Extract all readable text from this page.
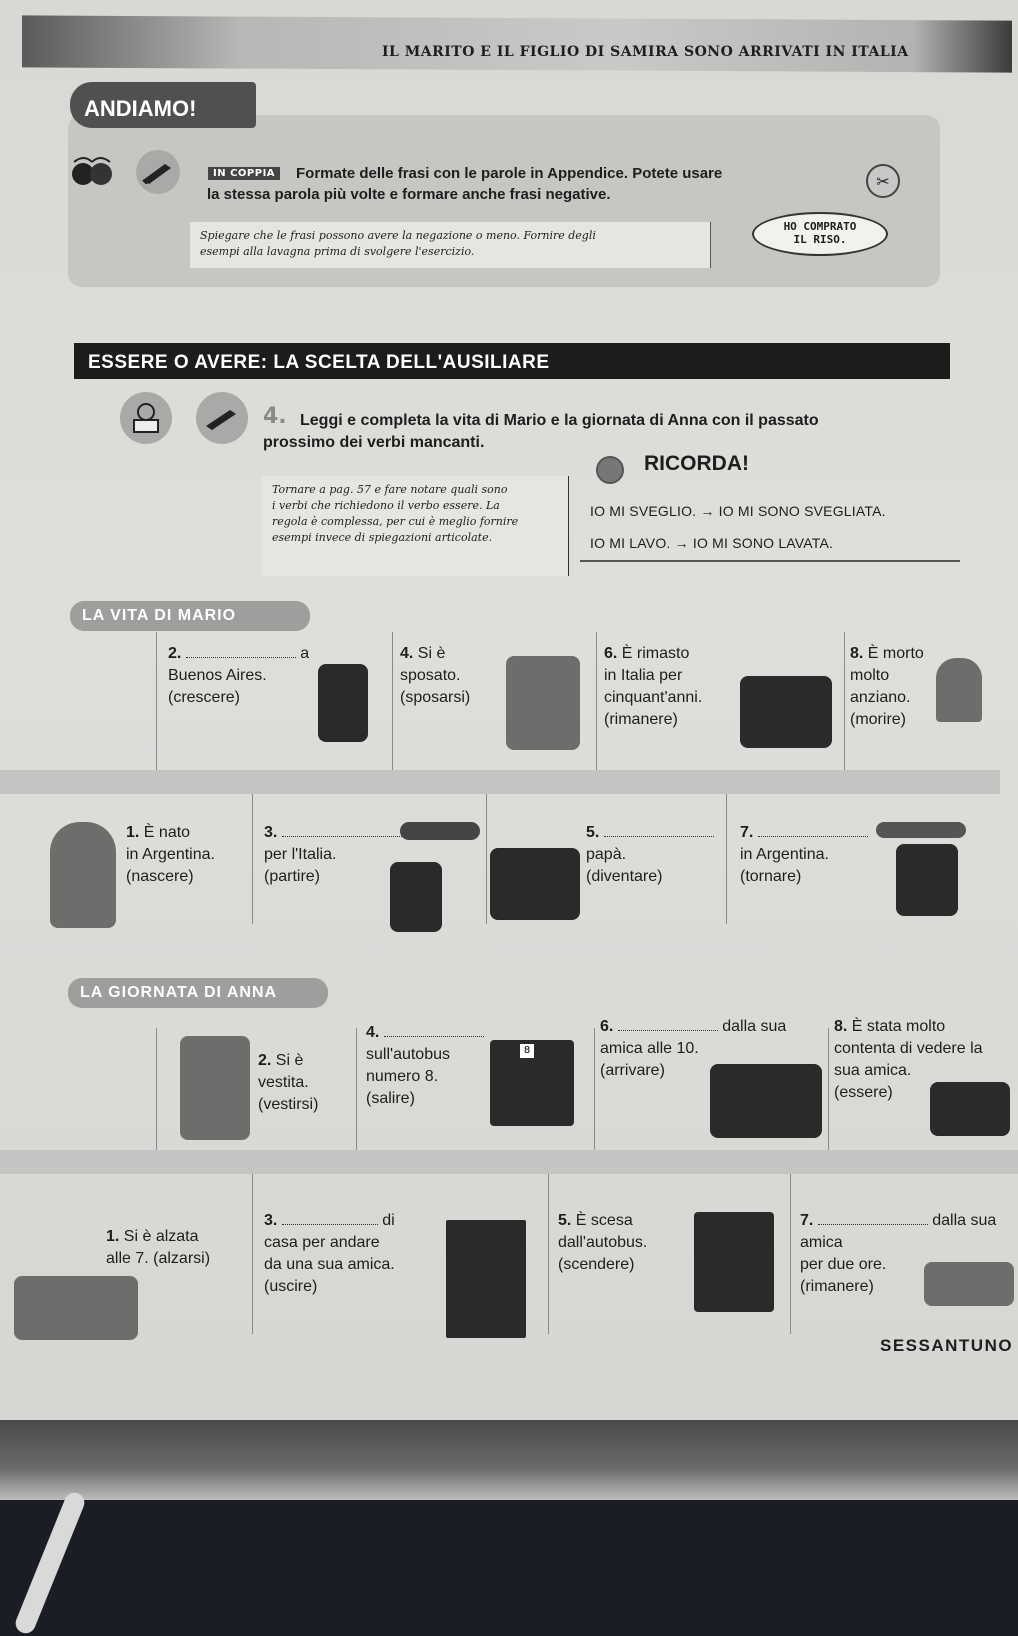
IL MARITO E IL FIGLIO DI SAMIRA SONO ARRIVATI IN ITALIA
ANDIAMO!
IN COPPIA	Formate delle frasi con le parole in Appendice. Potete usare
la stessa parola più volte e formare anche frasi negative.
✂
Spiegare che le frasi possono avere la negazione o meno. Fornire degli
esempi alla lavagna prima di svolgere l'esercizio.
HO COMPRATO
IL RISO.
ESSERE O AVERE: LA SCELTA DELL'AUSILIARE
4. Leggi e completa la vita di Mario e la giornata di Anna con il passato
prossimo dei verbi mancanti.
Tornare a pag. 57 e fare notare quali sono
i verbi che richiedono il verbo essere. La
regola è complessa, per cui è meglio fornire
esempi invece di spiegazioni articolate.
RICORDA!
IO MI SVEGLIO. → IO MI SONO SVEGLIATA.
IO MI LAVO. → IO MI SONO LAVATA.
LA VITA DI MARIO
2.	a
Buenos Aires.
(crescere)
4. Si è
sposato.
(sposarsi)
6. È rimasto
in Italia per
cinquant'anni.
(rimanere)
8. È morto
molto
anziano.
(morire)
1. È nato
in Argentina.
(nascere)
3.
per l'Italia.
(partire)
5.
papà.
(diventare)
7.
in Argentina.
(tornare)
LA GIORNATA DI ANNA
2. Si è
vestita.
(vestirsi)
4.
sull'autobus
numero 8.
(salire)
8
6.	dalla sua
amica alle 10.
(arrivare)
8. È stata molto
contenta di vedere la
sua amica.
(essere)
1. Si è alzata
alle 7. (alzarsi)
3.	di
casa per andare
da una sua amica.
(uscire)
5. È scesa
dall'autobus.
(scendere)
7.	dalla sua
amica
per due ore.
(rimanere)
SESSANTUNO
